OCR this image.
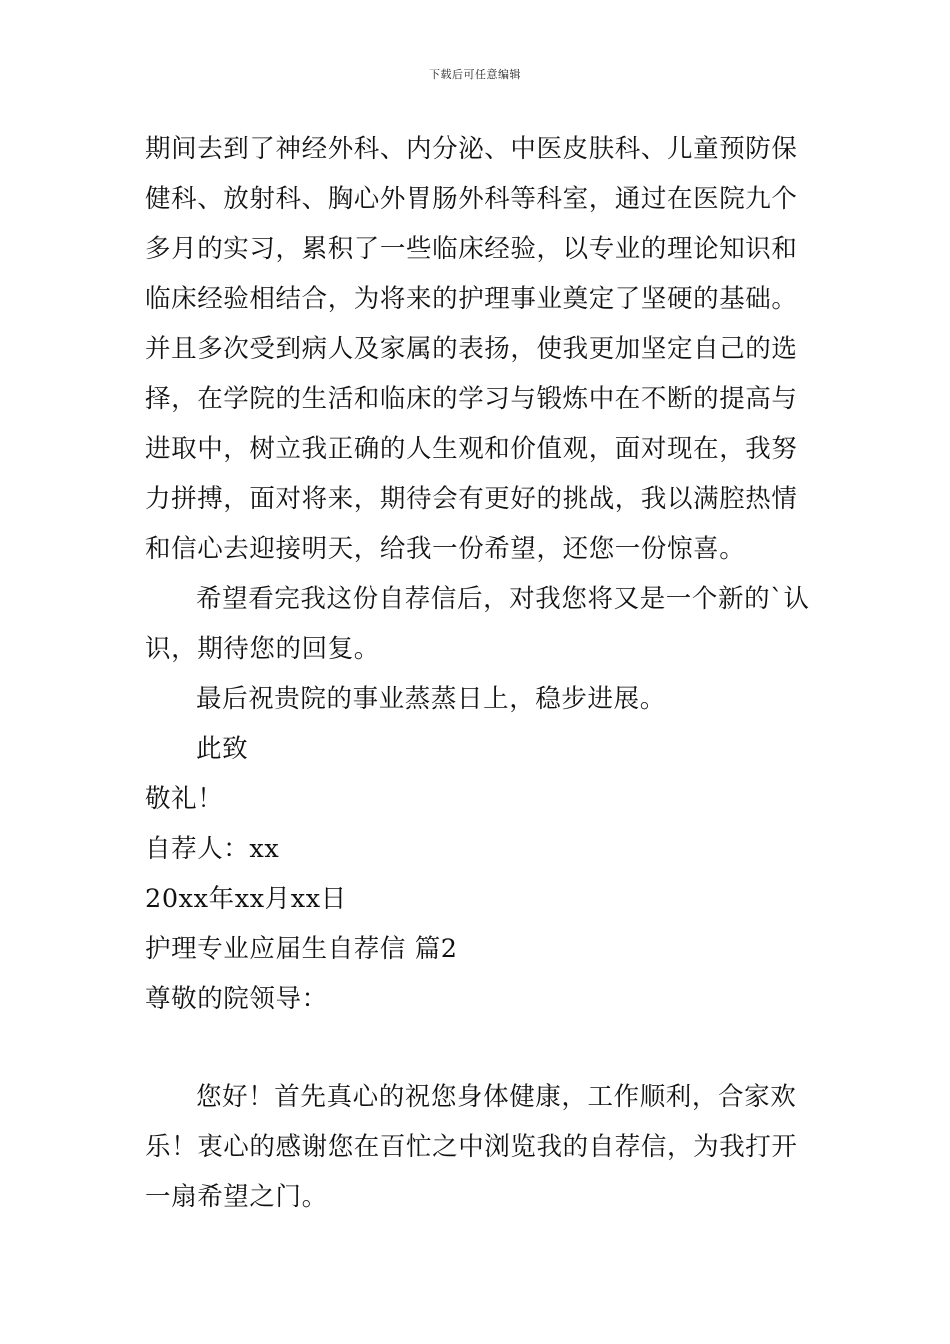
下载后可任意编辑
期间去到了神经外科、内分泌、中医皮肤科、儿童预防保
健科、放射科、胸心外胃肠外科等科室，通过在医院九个
多月的实习，累积了一些临床经验，以专业的理论知识和
临床经验相结合，为将来的护理事业奠定了坚硬的基础。
并且多次受到病人及家属的表扬，使我更加坚定自己的选
择，在学院的生活和临床的学习与锻炼中在不断的提高与
进取中，树立我正确的人生观和价值观，面对现在，我努
力拼搏，面对将来，期待会有更好的挑战，我以满腔热情
和信心去迎接明天，给我一份希望，还您一份惊喜。
希望看完我这份自荐信后，对我您将又是一个新的`认
识，期待您的回复。
最后祝贵院的事业蒸蒸日上，稳步进展。
此致
敬礼！
自荐人：xx
20xx年xx月xx日
护理专业应届生自荐信 篇2
尊敬的院领导：
您好！首先真心的祝您身体健康，工作顺利，合家欢
乐！衷心的感谢您在百忙之中浏览我的自荐信，为我打开
一扇希望之门。
